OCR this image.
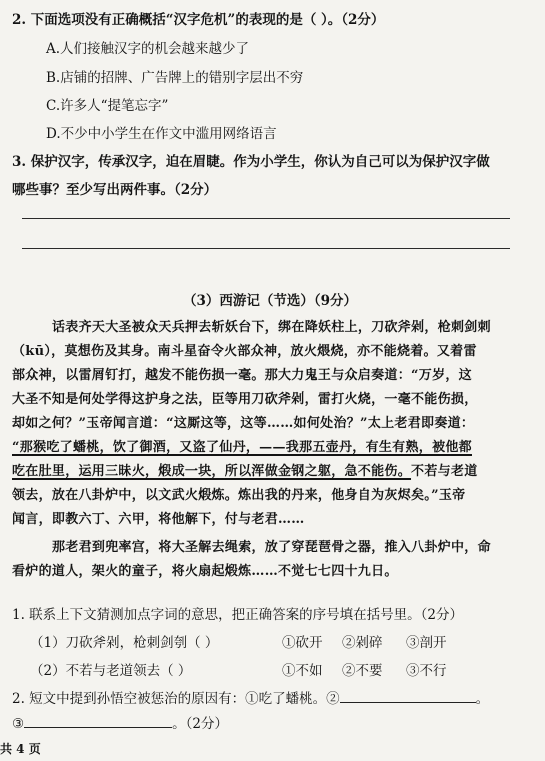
2. 下面选项没有正确概括“汉字危机”的表现的是（ ）。（2分）
A.人们接触汉字的机会越来越少了
B.店铺的招牌、广告牌上的错别字层出不穷
C.许多人“提笔忘字”
D.不少中小学生在作文中滥用网络语言
3. 保护汉字，传承汉字，迫在眉睫。作为小学生，你认为自己可以为保护汉字做
哪些事？至少写出两件事。（2分）
（3）西游记（节选）（9分）
话表齐天大圣被众天兵押去斩妖台下，绑在降妖柱上，刀砍斧剁，枪刺剑刺
（kū），莫想伤及其身。南斗星奋令火部众神，放火煨烧，亦不能烧着。又着雷
部众神，以雷屑钉打，越发不能伤损一毫。那大力鬼王与众启奏道：“万岁，这
大圣不知是何处学得这护身之法，臣等用刀砍斧剁，雷打火烧，一毫不能伤损，
却如之何？”玉帝闻言道：“这厮这等，这等……如何处治？”太上老君即奏道：
“那猴吃了蟠桃，饮了御酒，又盗了仙丹，——我那五壶丹，有生有熟，被他都
吃在肚里，运用三昧火，煅成一块，所以浑做金钢之躯，急不能伤。不若与老道
领去，放在八卦炉中，以文武火煅炼。炼出我的丹来，他身自为灰烬矣。”玉帝
闻言，即教六丁、六甲，将他解下，付与老君……
那老君到兜率宫，将大圣解去绳索，放了穿琵琶骨之器，推入八卦炉中，命
看炉的道人，架火的童子，将火扇起煅炼……不觉七七四十九日。
1. 联系上下文猜测加点字词的意思，把正确答案的序号填在括号里。（2分）
（1）刀砍斧剁，枪刺剑刳（ ）	①砍开 ②剁碎 ③剖开
（2）不若与老道领去（ ）	①不如 ②不要 ③不行
2. 短文中提到孙悟空被惩治的原因有：①吃了蟠桃。②	。
③	。（2分）
共 4 页
